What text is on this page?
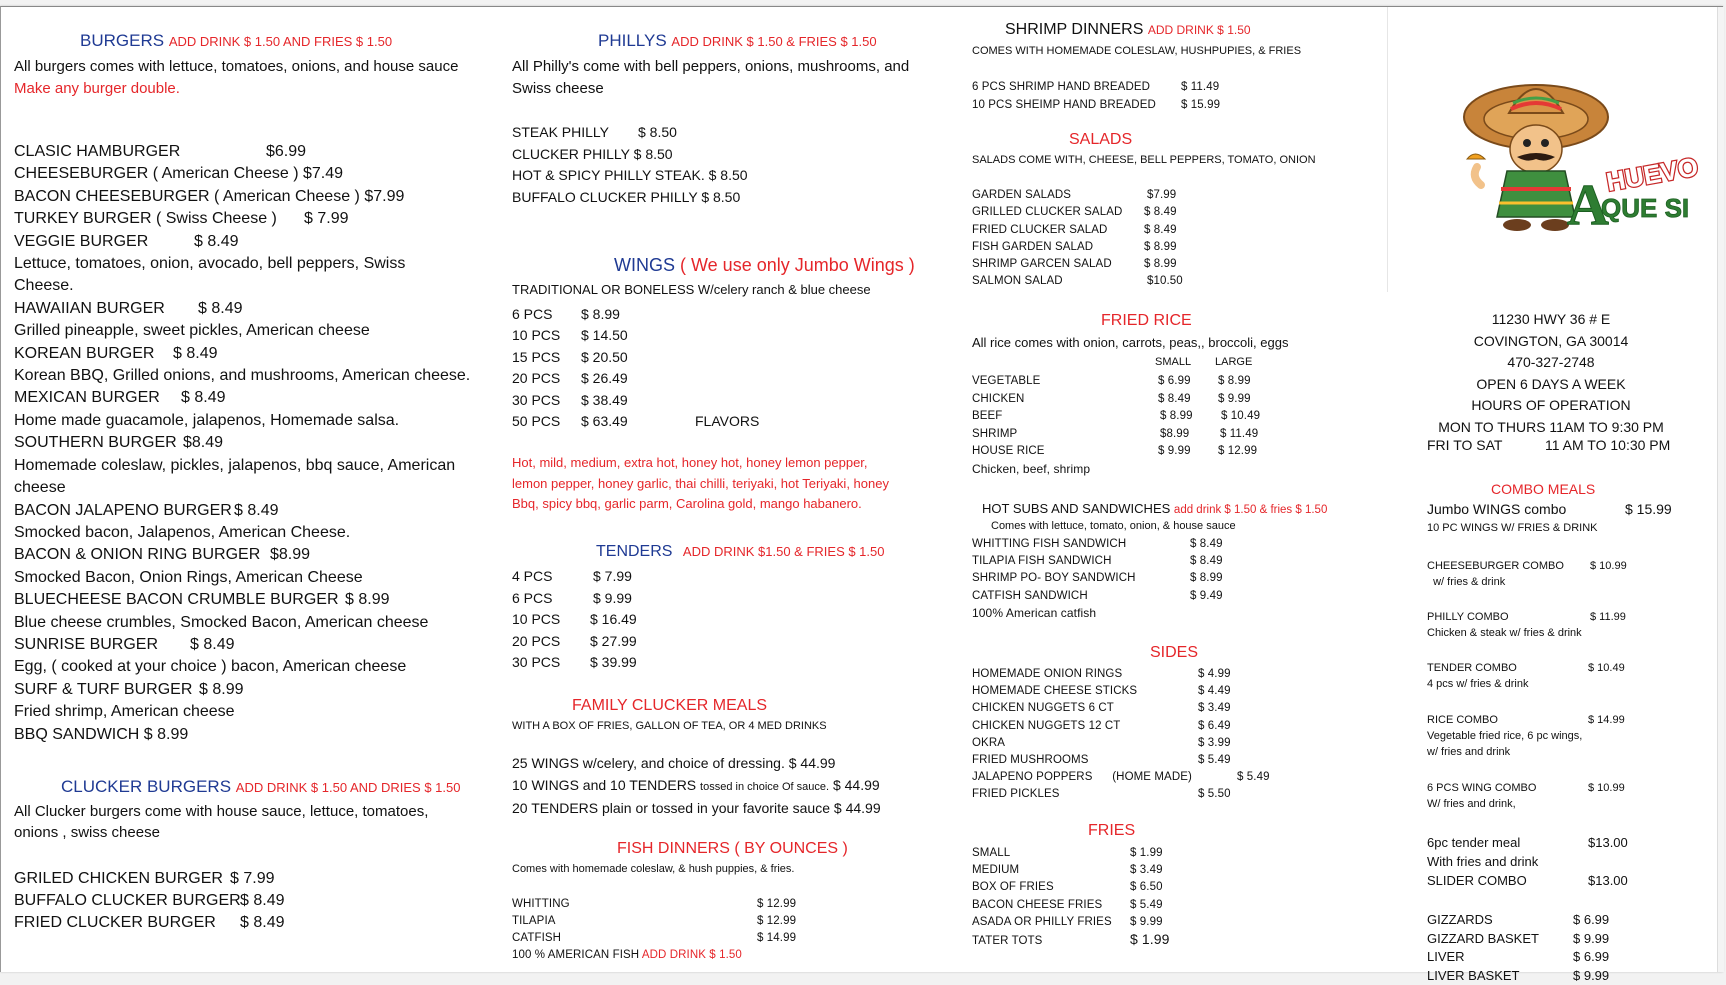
BURGERS ADD DRINK $ 1.50 AND FRIES $ 1.50
All burgers comes with lettuce, tomatoes, onions, and house sauce
Make any burger double.
CLASIC HAMBURGER	$6.99
CHEESEBURGER ( American Cheese ) $7.49
BACON CHEESEBURGER ( American Cheese ) $7.99
TURKEY BURGER ( Swiss Cheese ) $ 7.99
VEGGIE BURGER	$ 8.49
Lettuce, tomatoes, onion, avocado, bell peppers, Swiss
Cheese.
HAWAIIAN BURGER $ 8.49
Grilled pineapple, sweet pickles, American cheese
KOREAN BURGER $ 8.49
Korean BBQ, Grilled onions, and mushrooms, American cheese.
MEXICAN BURGER $ 8.49
Home made guacamole, jalapenos, Homemade salsa.
SOUTHERN BURGER $8.49
Homemade coleslaw, pickles, jalapenos, bbq sauce, American
cheese
BACON JALAPENO BURGER $ 8.49
Smocked bacon, Jalapenos, American Cheese.
BACON & ONION RING BURGER $8.99
Smocked Bacon, Onion Rings, American Cheese
BLUECHEESE BACON CRUMBLE BURGER $ 8.99
Blue cheese crumbles, Smocked Bacon, American cheese
SUNRISE BURGER $ 8.49
Egg, ( cooked at your choice ) bacon, American cheese
SURF & TURF BURGER $ 8.99
Fried shrimp, American cheese
BBQ SANDWICH $ 8.99
CLUCKER BURGERS ADD DRINK $ 1.50 AND DRIES $ 1.50
All Clucker burgers come with house sauce, lettuce, tomatoes,
onions , swiss cheese
GRILED CHICKEN BURGER $ 7.99
BUFFALO CLUCKER BURGER$ 8.49
FRIED CLUCKER BURGER $ 8.49
PHILLYS ADD DRINK $ 1.50 & FRIES $ 1.50
All Philly's come with bell peppers, onions, mushrooms, and
Swiss cheese
STEAK PHILLY $ 8.50
CLUCKER PHILLY $ 8.50
HOT & SPICY PHILLY STEAK. $ 8.50
BUFFALO CLUCKER PHILLY $ 8.50
WINGS ( We use only Jumbo Wings )
TRADITIONAL OR BONELESS W/celery ranch & blue cheese
6 PCS $ 8.99
10 PCS $ 14.50
15 PCS $ 20.50
20 PCS $ 26.49
30 PCS $ 38.49
50 PCS $ 63.49	FLAVORS
Hot, mild, medium, extra hot, honey hot, honey lemon pepper,
lemon pepper, honey garlic, thai chilli, teriyaki, hot Teriyaki, honey
Bbq, spicy bbq, garlic parm, Carolina gold, mango habanero.
TENDERS ADD DRINK $1.50 & FRIES $ 1.50
4 PCS	$ 7.99
6 PCS	$ 9.99
10 PCS $ 16.49
20 PCS $ 27.99
30 PCS $ 39.99
FAMILY CLUCKER MEALS
WITH A BOX OF FRIES, GALLON OF TEA, OR 4 MED DRINKS
25 WINGS w/celery, and choice of dressing. $ 44.99
10 WINGS and 10 TENDERS tossed in choice Of sauce. $ 44.99
20 TENDERS plain or tossed in your favorite sauce $ 44.99
FISH DINNERS ( BY OUNCES )
Comes with homemade coleslaw, & hush puppies, & fries.
WHITTING	$ 12.99
TILAPIA	$ 12.99
CATFISH	$ 14.99
100 % AMERICAN FISH ADD DRINK $ 1.50
SHRIMP DINNERS ADD DRINK $ 1.50
COMES WITH HOMEMADE COLESLAW, HUSHPUPIES, & FRIES
6 PCS SHRIMP HAND BREADED	$ 11.49
10 PCS SHEIMP HAND BREADED $ 15.99
SALADS
SALADS COME WITH, CHEESE, BELL PEPPERS, TOMATO, ONION
GARDEN SALADS	$7.99
GRILLED CLUCKER SALAD $ 8.49
FRIED CLUCKER SALAD	$ 8.49
FISH GARDEN SALAD	$ 8.99
SHRIMP GARCEN SALAD	$ 8.99
SALMON SALAD	$10.50
FRIED RICE
All rice comes with onion, carrots, peas,, broccoli, eggs
SMALL LARGE
VEGETABLE	$ 6.99 $ 8.99
CHICKEN	$ 8.49 $ 9.99
BEEF	$ 8.99 $ 10.49
SHRIMP	$8.99	$ 11.49
HOUSE RICE	$ 9.99 $ 12.99
Chicken, beef, shrimp
HOT SUBS AND SANDWICHES add drink $ 1.50 & fries $ 1.50
Comes with lettuce, tomato, onion, & house sauce
WHITTING FISH SANDWICH	$ 8.49
TILAPIA FISH SANDWICH	$ 8.49
SHRIMP PO- BOY SANDWICH	$ 8.99
CATFISH SANDWICH	$ 9.49
100% American catfish
SIDES
HOMEMADE ONION RINGS	$ 4.99
HOMEMADE CHEESE STICKS	$ 4.49
CHICKEN NUGGETS 6 CT	$ 3.49
CHICKEN NUGGETS 12 CT	$ 6.49
OKRA	$ 3.99
FRIED MUSHROOMS	$ 5.49
JALAPENO POPPERS      (HOME MADE)	$ 5.49
FRIED PICKLES	$ 5.50
FRIES
SMALL	$ 1.99
MEDIUM	$ 3.49
BOX OF FRIES	$ 6.50
BACON CHEESE FRIES $ 5.49
ASADA OR PHILLY FRIES $ 9.99
TATER TOTS	$ 1.99
A
HUEVO
QUE SI
11230 HWY 36 # E
COVINGTON, GA 30014
470-327-2748
OPEN 6 DAYS A WEEK
HOURS OF OPERATION
MON TO THURS 11AM TO 9:30 PM
FRI TO SAT	11 AM TO 10:30 PM
COMBO MEALS
Jumbo WINGS combo	$ 15.99
10 PC WINGS W/ FRIES & DRINK
CHEESEBURGER COMBO $ 10.99
w/ fries & drink
PHILLY COMBO	$ 11.99
Chicken & steak w/ fries & drink
TENDER COMBO	$ 10.49
4 pcs w/ fries & drink
RICE COMBO	$ 14.99
Vegetable fried rice, 6 pc wings,
w/ fries and drink
6 PCS WING COMBO	$ 10.99
W/ fries and drink,
6pc tender meal	$13.00
With fries and drink
SLIDER COMBO	$13.00
GIZZARDS	$ 6.99
GIZZARD BASKET	$ 9.99
LIVER	$ 6.99
LIVER BASKET	$ 9.99
